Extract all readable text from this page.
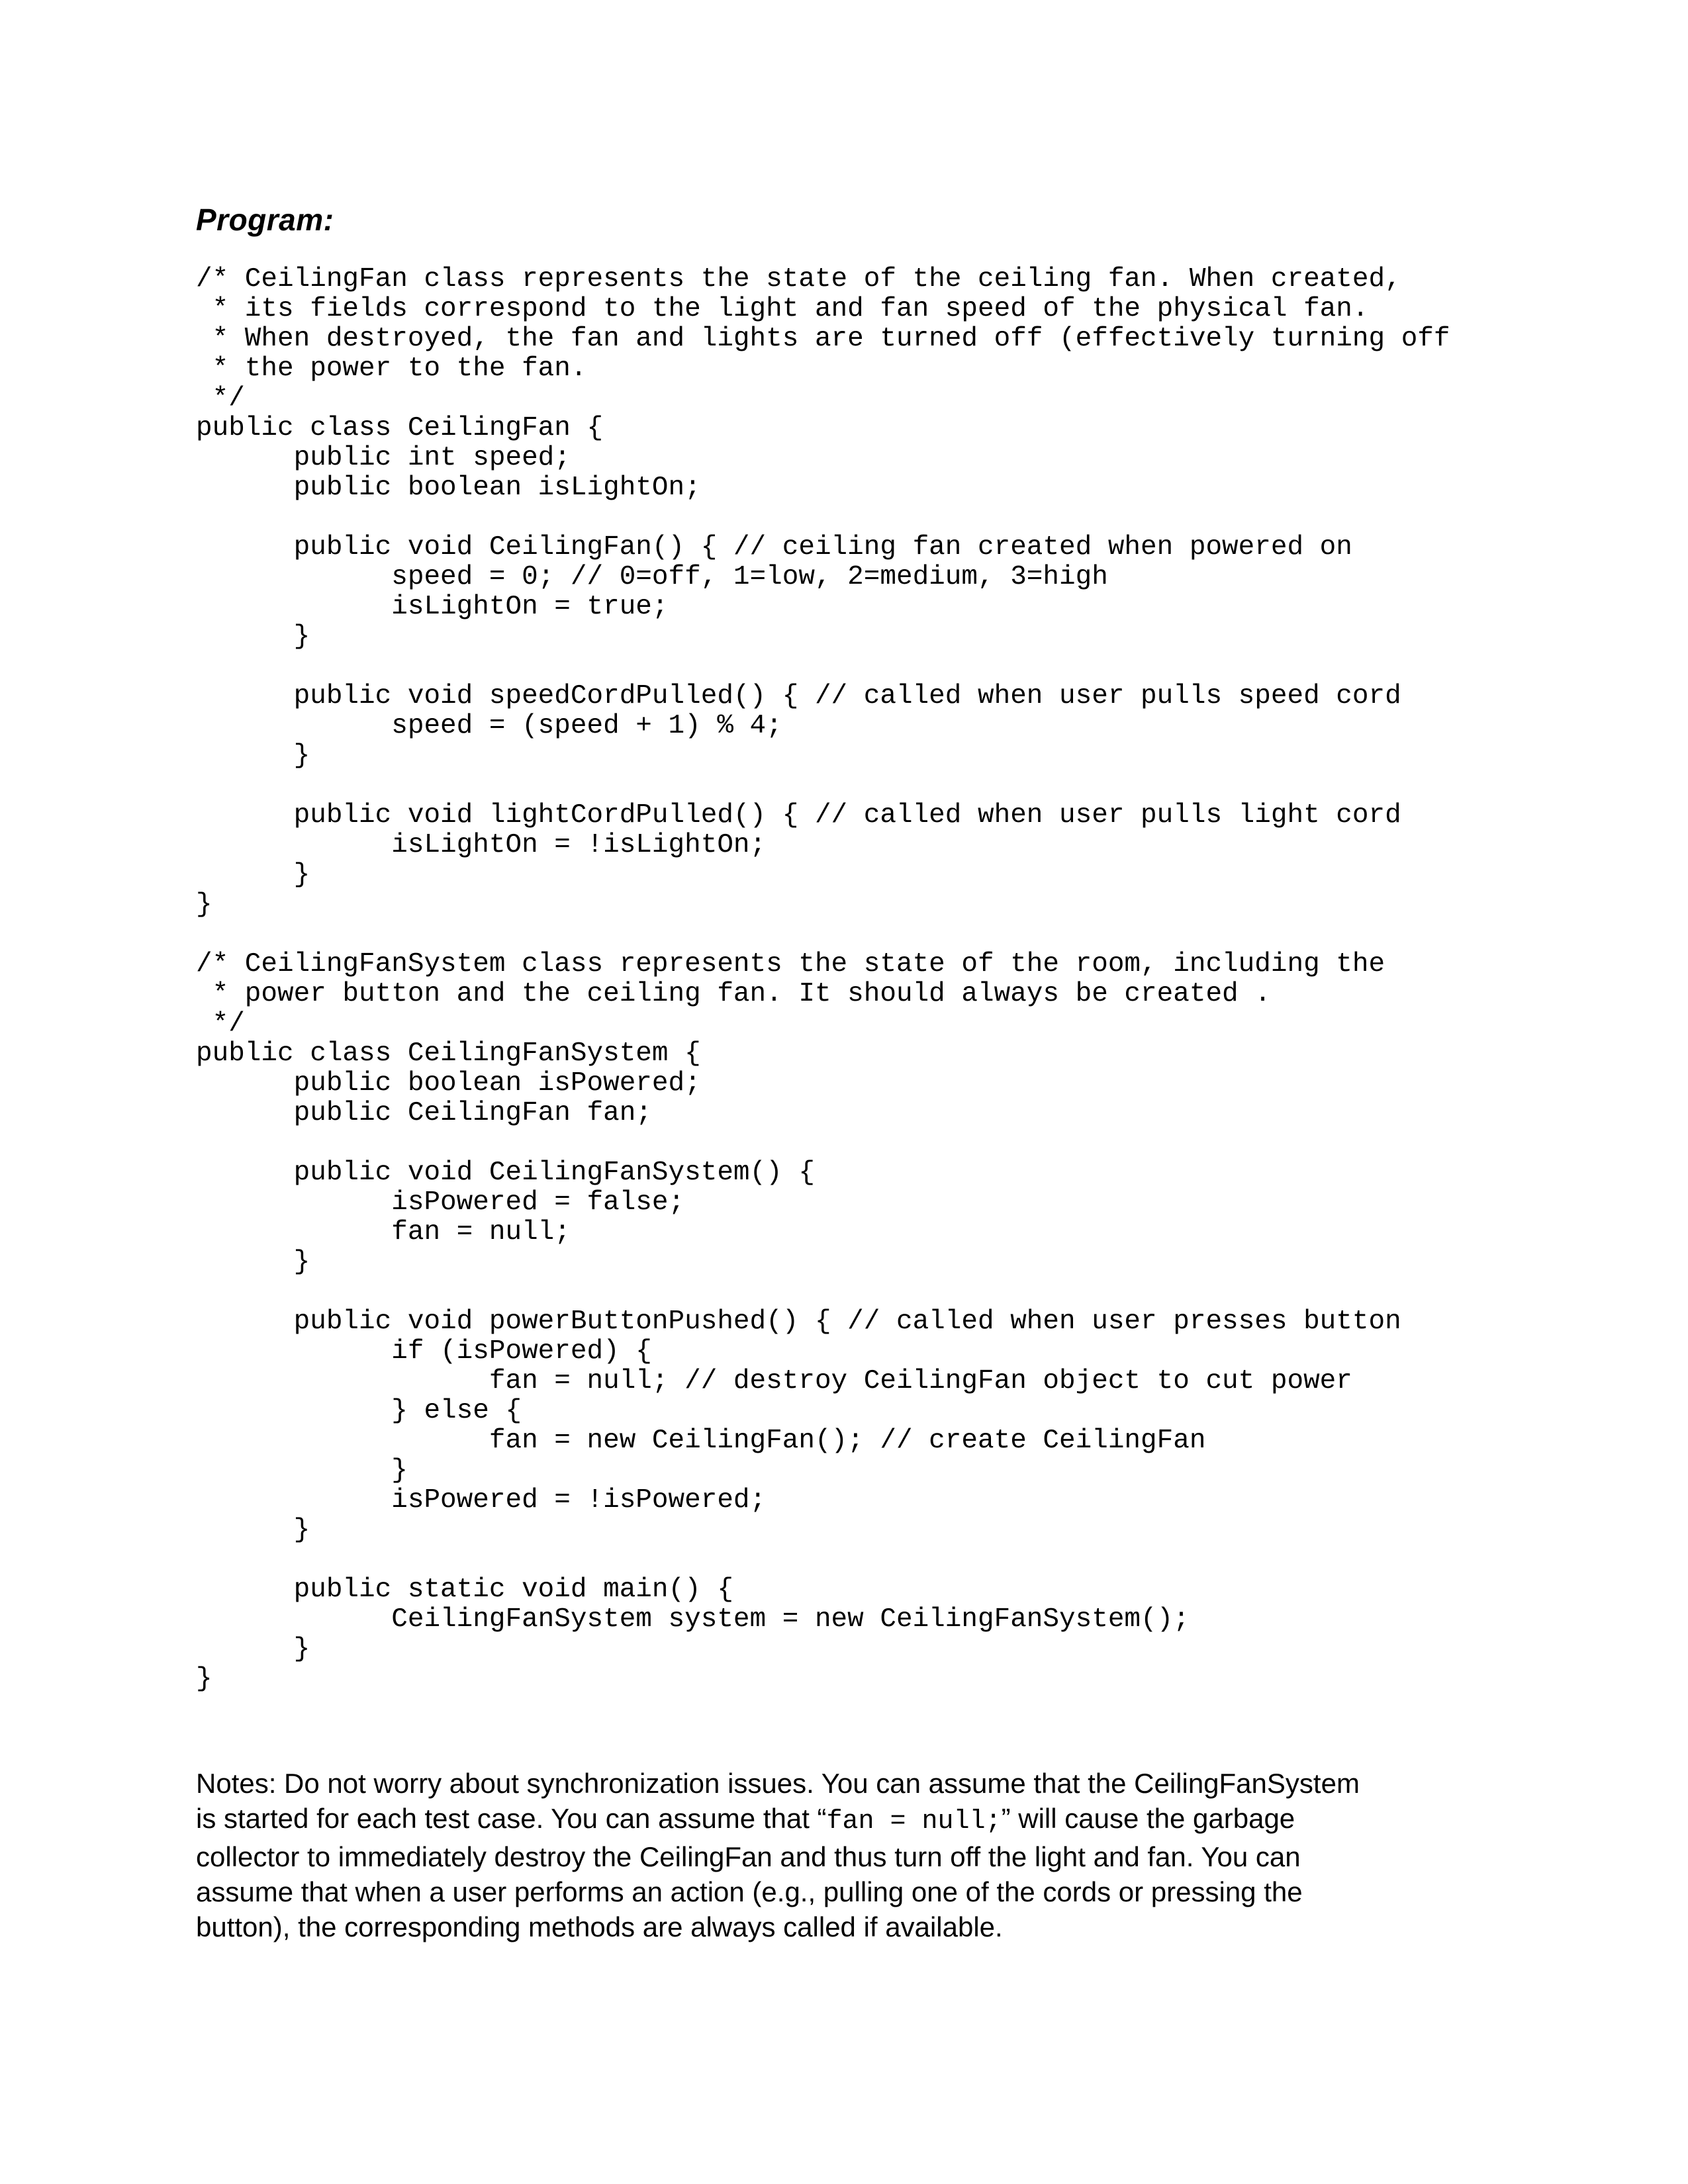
Program:
/* CeilingFan class represents the state of the ceiling fan. When created,
* its fields correspond to the light and fan speed of the physical fan.
* When destroyed, the fan and lights are turned off (effectively turning off
* the power to the fan.
*/
public class CeilingFan {
public int speed;
public boolean isLightOn;

public void CeilingFan() { // ceiling fan created when powered on
speed = 0; // 0=off, 1=low, 2=medium, 3=high
isLightOn = true;
}

public void speedCordPulled() { // called when user pulls speed cord
speed = (speed + 1) % 4;
}

public void lightCordPulled() { // called when user pulls light cord
isLightOn = !isLightOn;
}
}

/* CeilingFanSystem class represents the state of the room, including the
* power button and the ceiling fan. It should always be created .
*/
public class CeilingFanSystem {
public boolean isPowered;
public CeilingFan fan;

public void CeilingFanSystem() {
isPowered = false;
fan = null;
}

public void powerButtonPushed() { // called when user presses button
if (isPowered) {
fan = null; // destroy CeilingFan object to cut power
} else {
fan = new CeilingFan(); // create CeilingFan
}
isPowered = !isPowered;
}

public static void main() {
CeilingFanSystem system = new CeilingFanSystem();
}
}
Notes: Do not worry about synchronization issues. You can assume that the CeilingFanSystem
is started for each test case. You can assume that “fan = null;” will cause the garbage
collector to immediately destroy the CeilingFan and thus turn off the light and fan. You can
assume that when a user performs an action (e.g., pulling one of the cords or pressing the
button), the corresponding methods are always called if available.
